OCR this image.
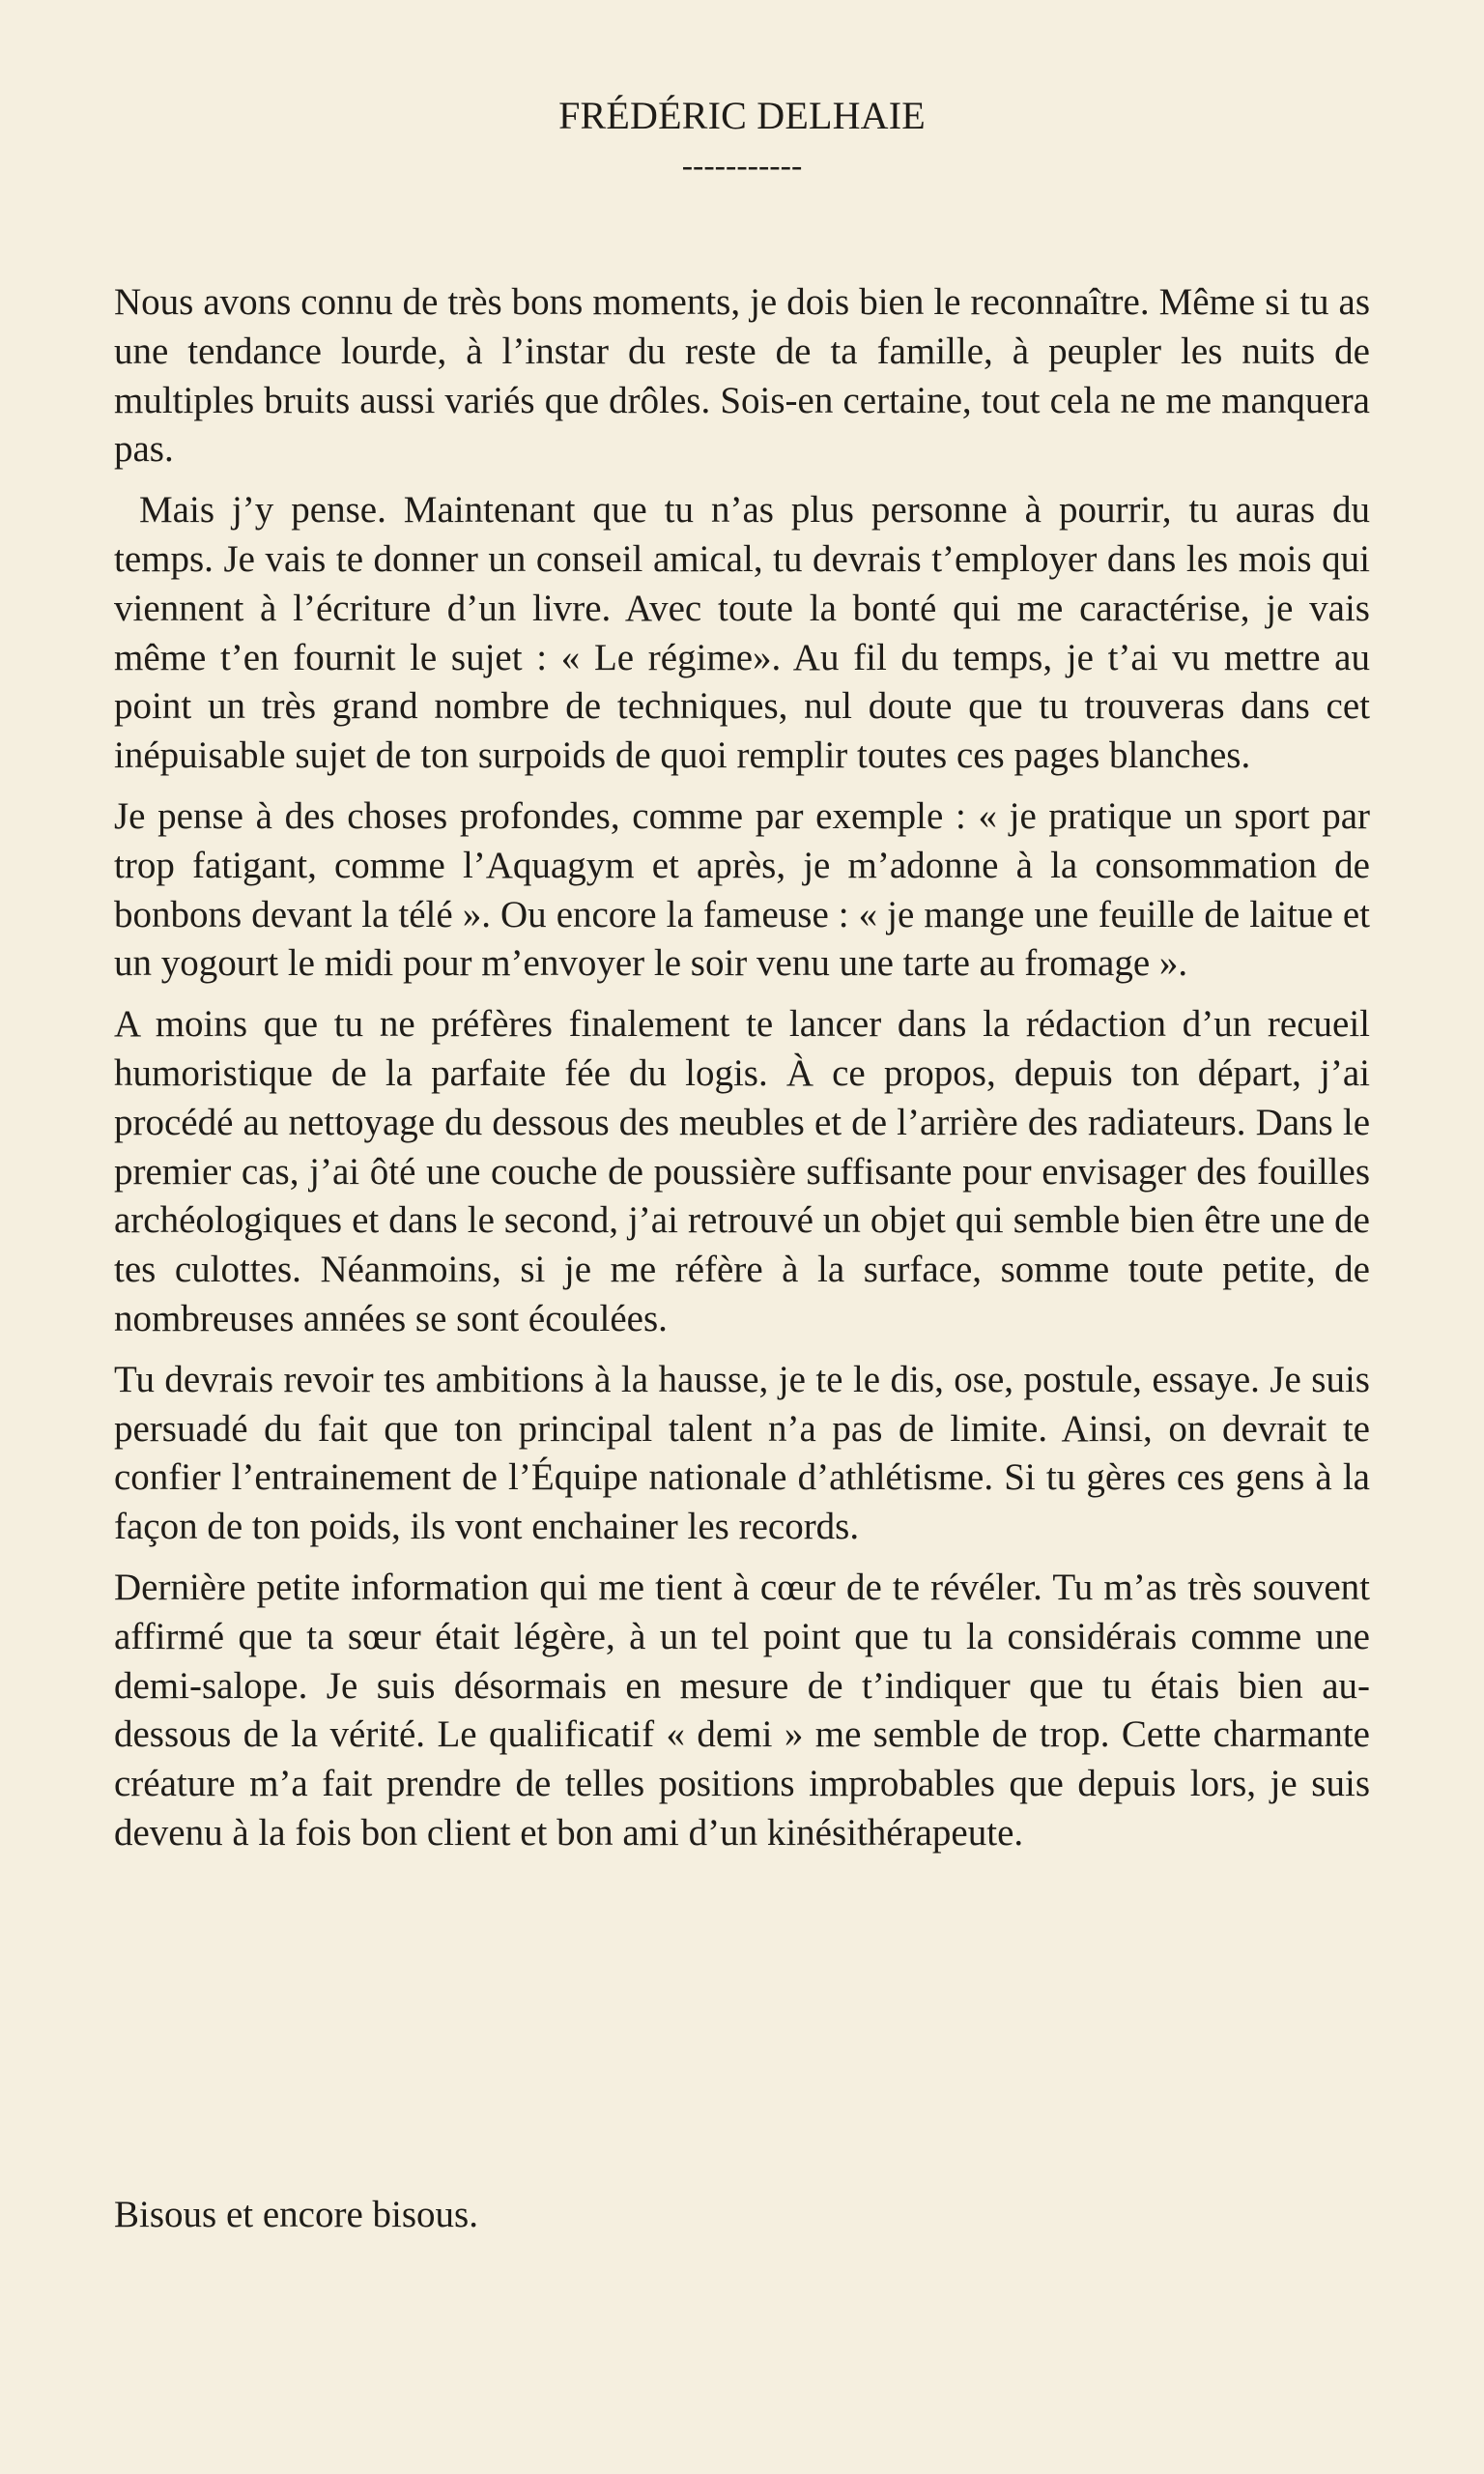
FRÉDÉRIC DELHAIE
-----------

Nous avons connu de très bons moments, je dois bien le reconnaître. Même si tu as une tendance lourde, à l’instar du reste de ta famille, à peupler les nuits de multiples bruits aussi variés que drôles. Sois-en certaine, tout cela ne me manquera pas.

Mais j’y pense. Maintenant que tu n’as plus personne à pourrir, tu auras du temps. Je vais te donner un conseil amical, tu devrais t’employer dans les mois qui viennent à l’écriture d’un livre. Avec toute la bonté qui me caractérise, je vais même t’en fournit le sujet : « Le régime». Au fil du temps, je t’ai vu mettre au point un très grand nombre de techniques, nul doute que tu trouveras dans cet inépuisable sujet de ton surpoids de quoi remplir toutes ces pages blanches.

Je pense à des choses profondes, comme par exemple : « je pratique un sport par trop fatigant, comme l’Aquagym et après, je m’adonne à la consommation de bonbons devant la télé ». Ou encore la fameuse : « je mange une feuille de laitue et un yogourt le midi pour m’envoyer le soir venu une tarte au fromage ».

A moins que tu ne préfères finalement te lancer dans la rédaction d’un recueil humoristique de la parfaite fée du logis. À ce propos, depuis ton départ, j’ai procédé au nettoyage du dessous des meubles et de l’arrière des radiateurs. Dans le premier cas, j’ai ôté une couche de poussière suffisante pour envisager des fouilles archéologiques et dans le second, j’ai retrouvé un objet qui semble bien être une de tes culottes. Néanmoins, si je me réfère à la surface, somme toute petite, de nombreuses années se sont écoulées.

Tu devrais revoir tes ambitions à la hausse, je te le dis, ose, postule, essaye. Je suis persuadé du fait que ton principal talent n’a pas de limite. Ainsi, on devrait te confier l’entrainement de l’Équipe nationale d’athlétisme. Si tu gères ces gens à la façon de ton poids, ils vont enchainer les records.

Dernière petite information qui me tient à cœur de te révéler. Tu m’as très souvent affirmé que ta sœur était légère, à un tel point que tu la considérais comme une demi-salope. Je suis désormais en mesure de t’indiquer que tu étais bien au-dessous de la vérité. Le qualificatif « demi » me semble de trop. Cette charmante créature m’a fait prendre de telles positions improbables que depuis lors, je suis devenu à la fois bon client et bon ami d’un kinésithérapeute.

Bisous et encore bisous.
